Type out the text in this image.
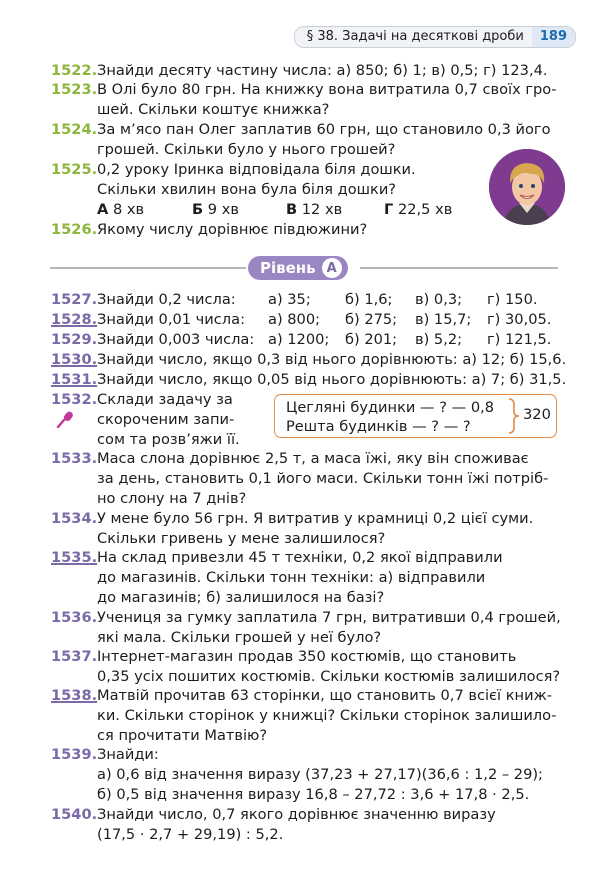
§ 38. Задачі на десяткові дроби	189
1522. Знайди десяту частину числа: а) 850; б) 1; в) 0,5; г) 123,4.
1523. В Олі було 80 грн. На книжку вона витратила 0,7 своїх гро-
шей. Скільки коштує книжка?
1524. За м’ясо пан Олег заплатив 60 грн, що становило 0,3 його
грошей. Скільки було у нього грошей?
1525. 0,2 уроку Іринка відповідала біля дошки.
Скільки хвилин вона була біля дошки?
А 8 хв	Б 9 хв	В 12 хв	Г 22,5 хв
1526. Якому числу дорівнює півдюжини?
Рівень А
1527. Знайди 0,2 числа: а) 35; б) 1,6; в) 0,3; г) 150.
1528. Знайди 0,01 числа: а) 800; б) 275; в) 15,7; г) 30,05.
1529. Знайди 0,003 числа: а) 1200; б) 201; в) 5,2; г) 121,5.
1530. Знайди число, якщо 0,3 від нього дорівнюють: а) 12; б) 15,6.
1531. Знайди число, якщо 0,05 від нього дорівнюють: а) 7; б) 31,5.
1532. Склади задачу за
скороченим запи-
сом та розв’яжи її.
Цегляні будинки — ? — 0,8
Решта будинків — ? — ?
320
1533. Маса слона дорівнює 2,5 т, а маса їжі, яку він споживає
за день, становить 0,1 його маси. Скільки тонн їжі потріб-
но слону на 7 днів?
1534. У мене було 56 грн. Я витратив у крамниці 0,2 цієї суми.
Скільки гривень у мене залишилося?
1535. На склад привезли 45 т техніки, 0,2 якої відправили
до магазинів. Скільки тонн техніки: а) відправили
до магазинів; б) залишилося на базі?
1536. Учениця за гумку заплатила 7 грн, витративши 0,4 грошей,
які мала. Скільки грошей у неї було?
1537. Інтернет-магазин продав 350 костюмів, що становить
0,35 усіх пошитих костюмів. Скільки костюмів залишилося?
1538. Матвій прочитав 63 сторінки, що становить 0,7 всієї книж-
ки. Скільки сторінок у книжці? Скільки сторінок залишило-
ся прочитати Матвію?
1539. Знайди:
а) 0,6 від значення виразу (37,23 + 27,17)(36,6 : 1,2 – 29);
б) 0,5 від значення виразу 16,8 – 27,72 : 3,6 + 17,8 · 2,5.
1540. Знайди число, 0,7 якого дорівнює значенню виразу
(17,5 · 2,7 + 29,19) : 5,2.
